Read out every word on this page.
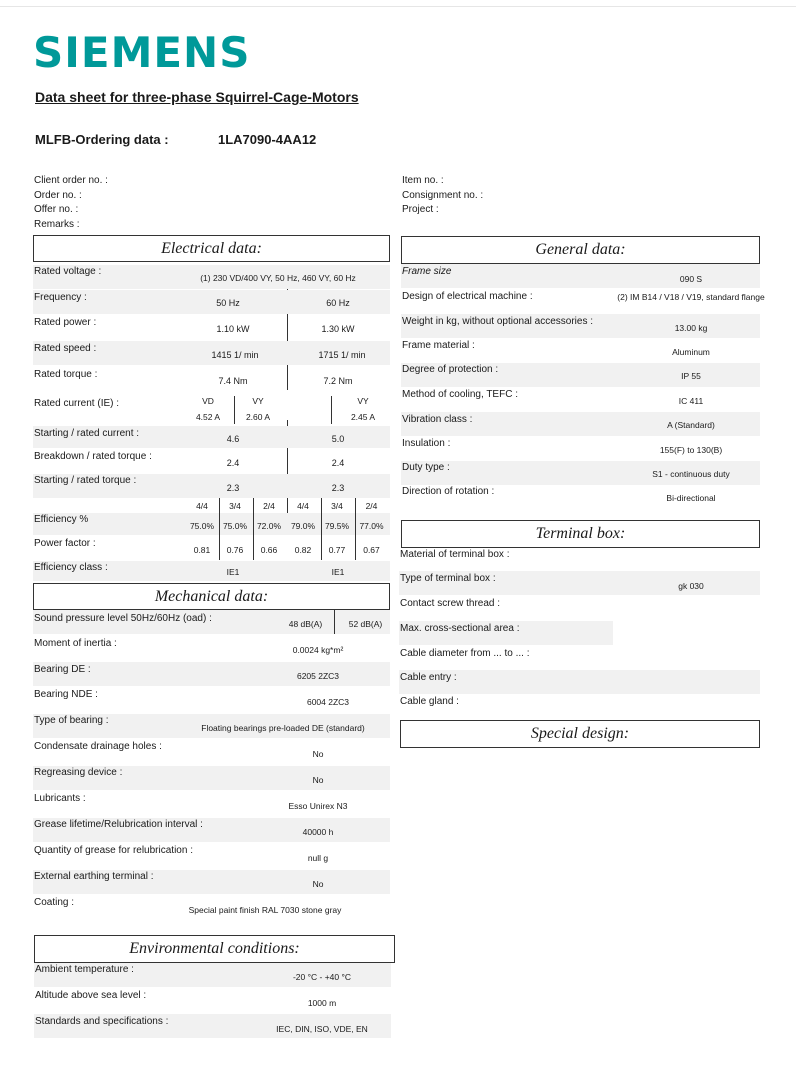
SIEMENS
Data sheet for three-phase Squirrel-Cage-Motors
MLFB-Ordering data :	1LA7090-4AA12
Client order no. :
Order no. :
Offer no. :
Remarks :
Item no. :
Consignment no. :
Project :
Electrical data:
Rated voltage :
(1) 230 VD/400 VY, 50 Hz, 460 VY, 60 Hz
Frequency :	50 Hz	60 Hz
Rated power :
1.10 kW	1.30 kW
Rated speed :
1415 1/ min	1715 1/ min
Rated torque :
7.4 Nm	7.2 Nm
Rated current (IE) :	VD	VY	VY
4.52 A	2.60 A	2.45 A
Starting / rated current :	4.6	5.0
Breakdown / rated torque :
2.4	2.4
Starting / rated torque :
2.3	2.3
4/4	3/4	2/4	4/4	3/4	2/4
Efficiency %
75.0%	75.0%	72.0%	79.0%	79.5%	77.0%
Power factor :
0.81	0.76	0.66	0.82	0.77	0.67
Efficiency class :	IE1	IE1
Mechanical data:
Sound pressure level 50Hz/60Hz (oad) :	48 dB(A)	52 dB(A)
Moment of inertia :
0.0024 kg*m²
Bearing DE :
6205 2ZC3
Bearing NDE :
6004 2ZC3
Type of bearing :
Floating bearings pre-loaded DE (standard)
Condensate drainage holes :
No
Regreasing device :
No
Lubricants :
Esso Unirex N3
Grease lifetime/Relubrication interval :
40000 h
Quantity of grease for relubrication :
null g
External earthing terminal :
No
Coating :
Special paint finish RAL 7030 stone gray
Environmental conditions:
Ambient temperature :
-20 °C - +40 °C
Altitude above sea level :
1000 m
Standards and specifications :
IEC, DIN, ISO, VDE, EN
General data:
Frame size
090 S
Design of electrical machine :	(2) IM B14 / V18 / V19, standard flange
Weight in kg, without optional accessories :
13.00 kg
Frame material :
Aluminum
Degree of protection :
IP 55
Method of cooling, TEFC :
IC 411
Vibration class :	A (Standard)
Insulation :
155(F) to 130(B)
Duty type :
S1 - continuous duty
Direction of rotation :
Bi-directional
Terminal box:
Material of terminal box :
Type of terminal box :
gk 030
Contact screw thread :
Max. cross-sectional area :
Cable diameter from ... to ... :
Cable entry :
Cable gland :
Special design:
